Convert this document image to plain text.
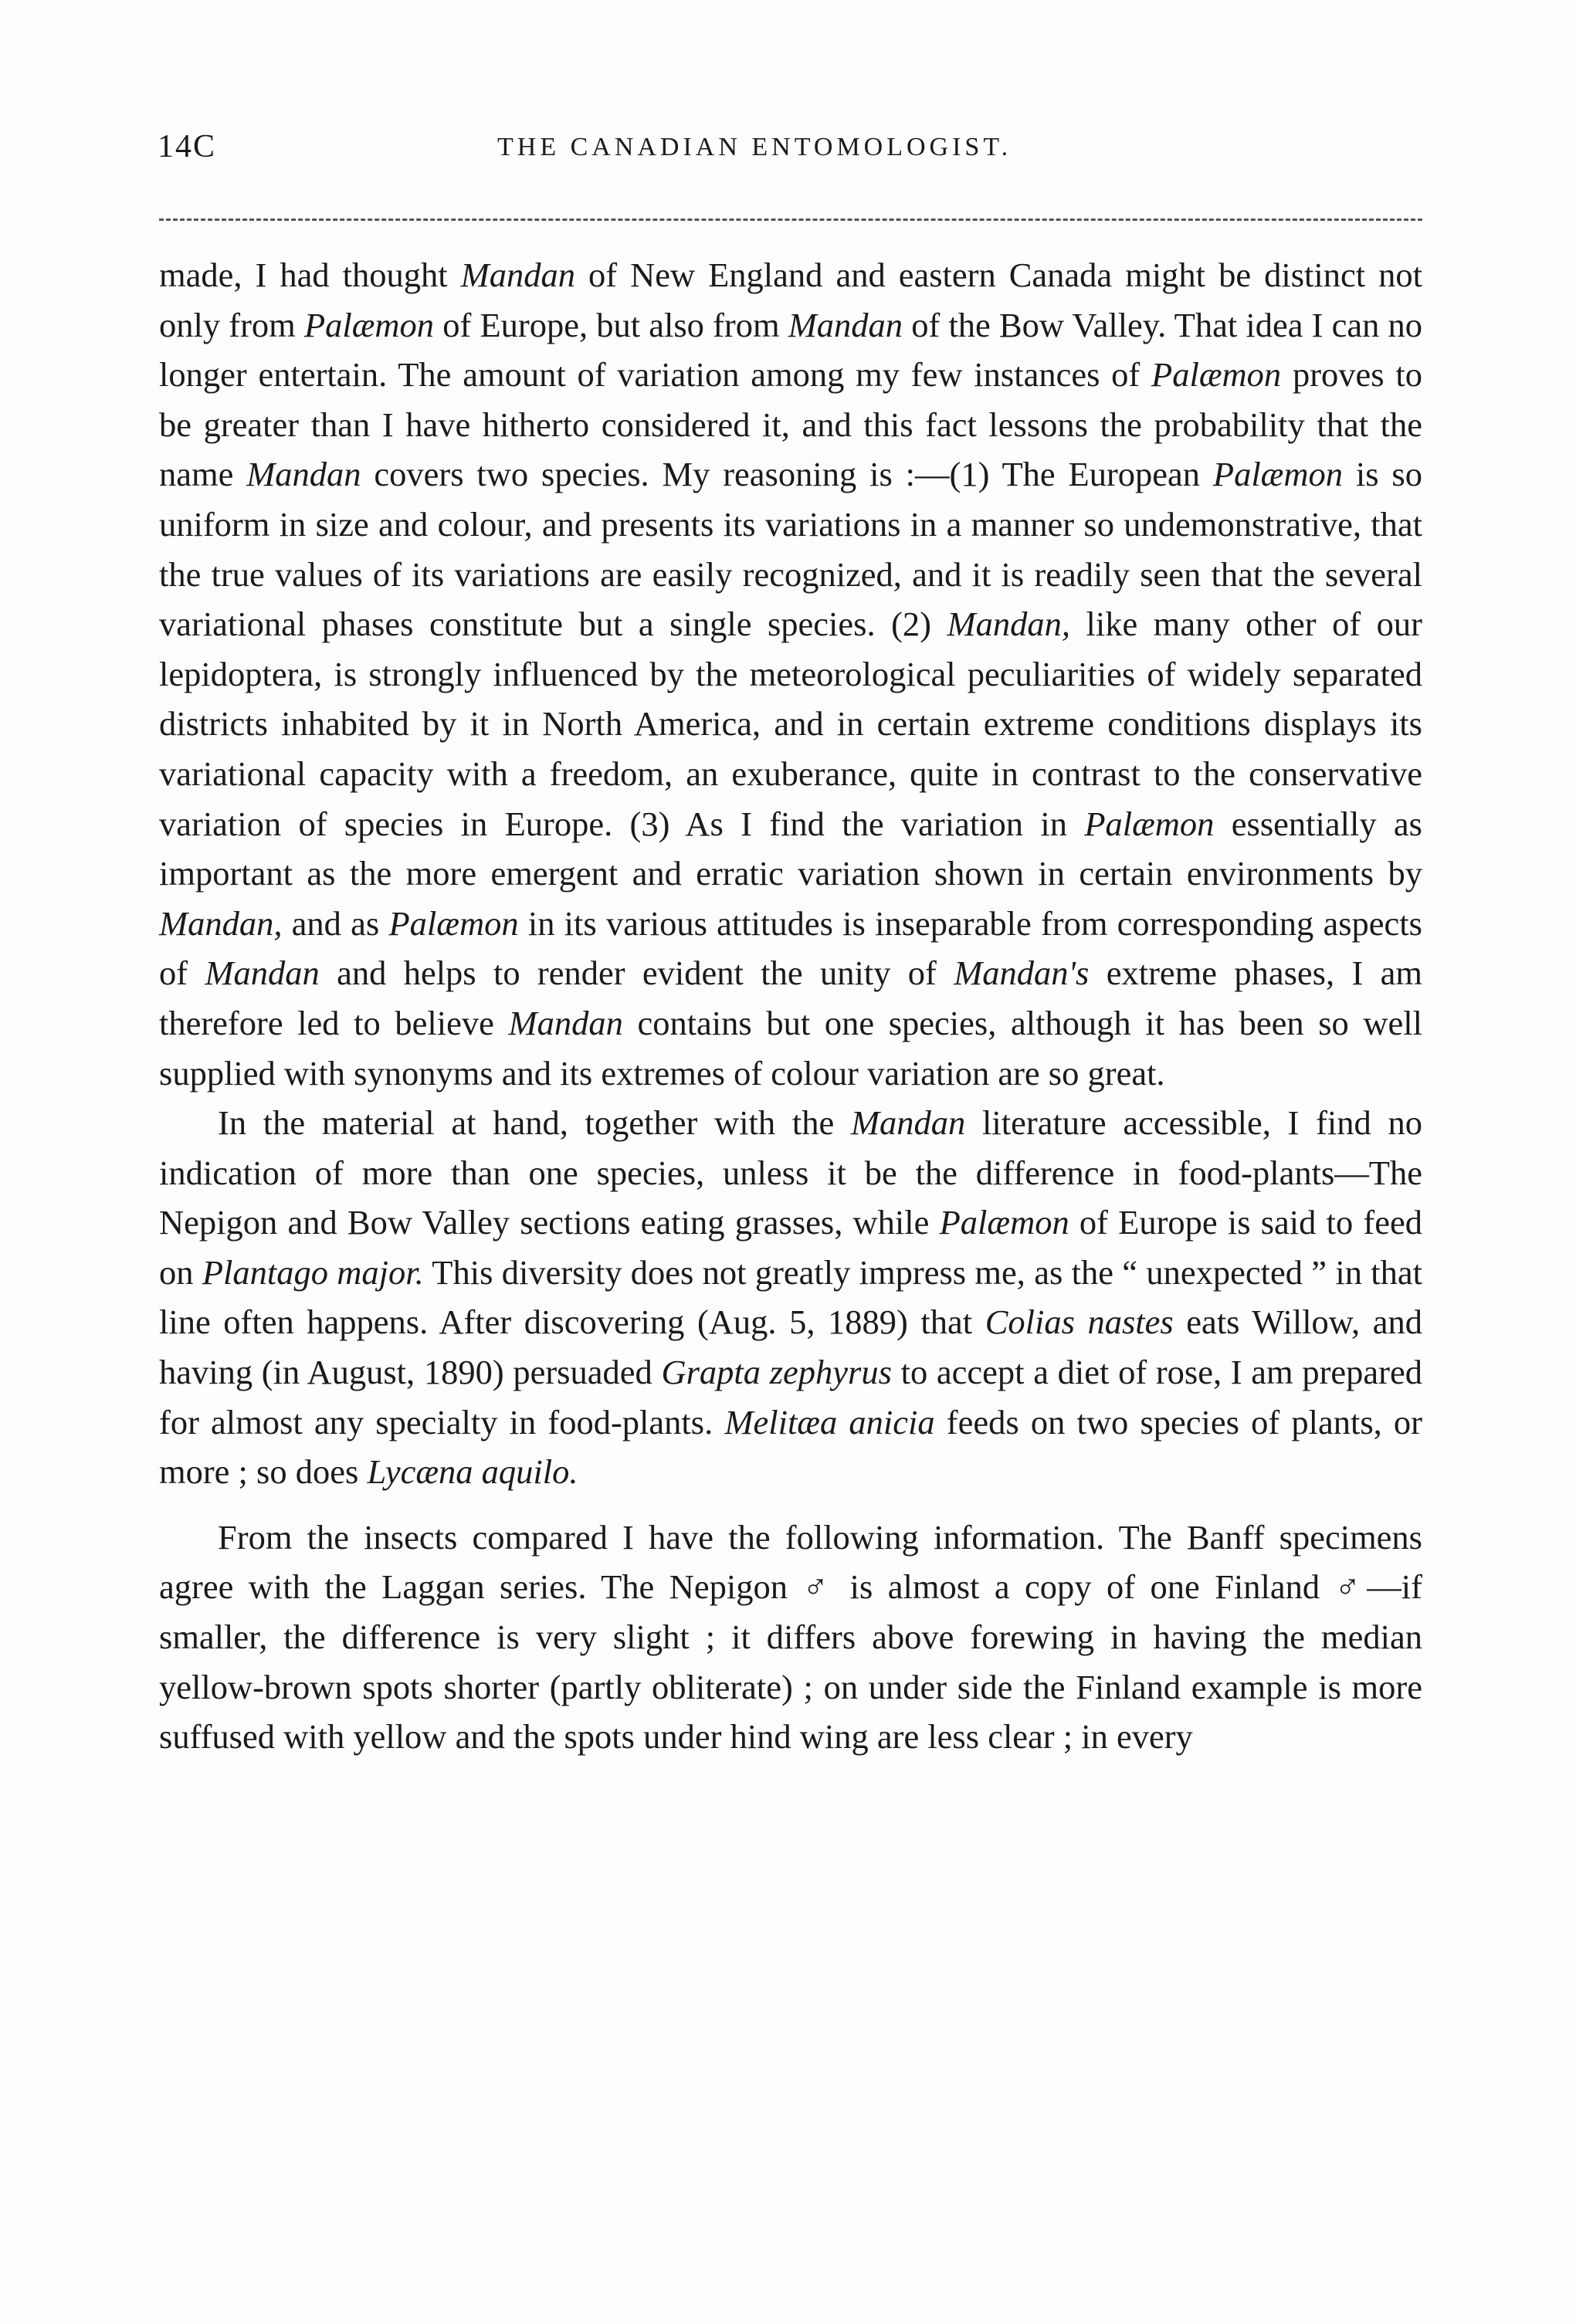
14C	THE CANADIAN ENTOMOLOGIST.

made, I had thought Mandan of New England and eastern Canada might be distinct not only from Palæmon of Europe, but also from Mandan of the Bow Valley. That idea I can no longer entertain. The amount of variation among my few instances of Palæmon proves to be greater than I have hitherto considered it, and this fact lessons the probability that the name Mandan covers two species. My reasoning is :—(1) The European Palæmon is so uniform in size and colour, and presents its variations in a manner so undemonstrative, that the true values of its variations are easily recognized, and it is readily seen that the several variational phases constitute but a single species. (2) Mandan, like many other of our lepidoptera, is strongly influenced by the meteorological peculiarities of widely separated districts inhabited by it in North America, and in certain extreme conditions displays its variational capacity with a freedom, an exuberance, quite in contrast to the conservative variation of species in Europe. (3) As I find the variation in Palæmon essentially as important as the more emergent and erratic variation shown in certain environments by Mandan, and as Palæmon in its various attitudes is inseparable from corresponding aspects of Mandan and helps to render evident the unity of Mandan's extreme phases, I am therefore led to believe Mandan contains but one species, although it has been so well supplied with synonyms and its extremes of colour variation are so great.

In the material at hand, together with the Mandan literature accessible, I find no indication of more than one species, unless it be the difference in food-plants—The Nepigon and Bow Valley sections eating grasses, while Palæmon of Europe is said to feed on Plantago major. This diversity does not greatly impress me, as the “ unexpected ” in that line often happens. After discovering (Aug. 5, 1889) that Colias nastes eats Willow, and having (in August, 1890) persuaded Grapta zephyrus to accept a diet of rose, I am prepared for almost any specialty in food-plants. Melitæa anicia feeds on two species of plants, or more ; so does Lycæna aquilo.

From the insects compared I have the following information. The Banff specimens agree with the Laggan series. The Nepigon ♂ is almost a copy of one Finland ♂—if smaller, the difference is very slight ; it differs above forewing in having the median yellow-brown spots shorter (partly obliterate) ; on under side the Finland example is more suffused with yellow and the spots under hind wing are less clear ; in every
